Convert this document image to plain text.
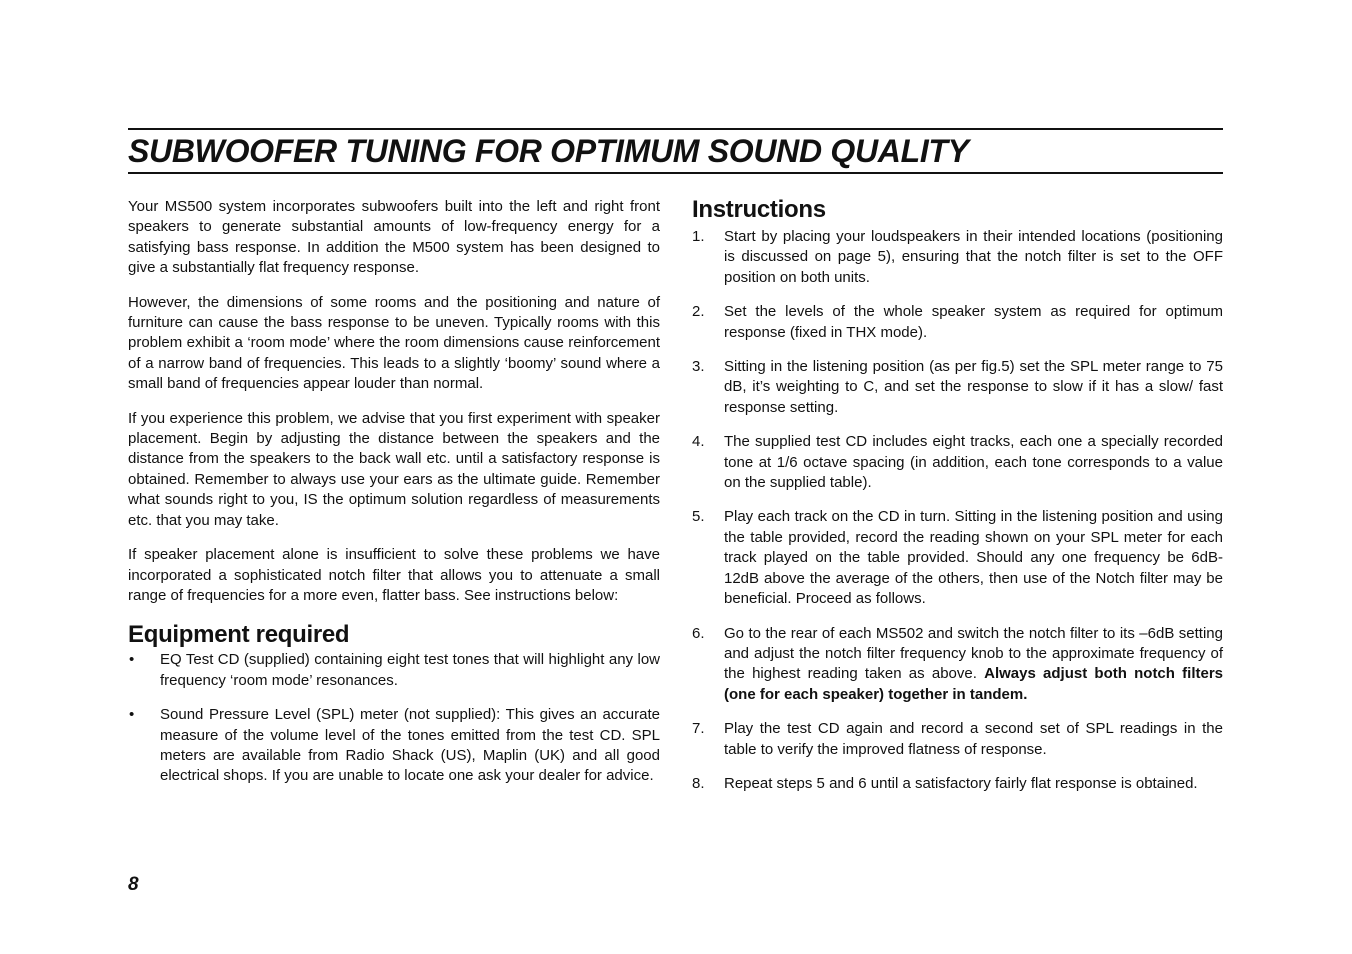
SUBWOOFER TUNING FOR OPTIMUM SOUND QUALITY

Your MS500 system incorporates subwoofers built into the left and right front speakers to generate substantial amounts of low-frequency energy for a satisfying bass response. In addition the M500 system has been designed to give a substantially flat frequency response.

However, the dimensions of some rooms and the positioning and nature of furniture can cause the bass response to be uneven. Typically rooms with this problem exhibit a ‘room mode’ where the room dimensions cause reinforcement of a narrow band of frequencies. This leads to a slightly ‘boomy’ sound where a small band of frequencies appear louder than normal.

If you experience this problem, we advise that you first experiment with speaker placement. Begin by adjusting the distance between the speakers and the distance from the speakers to the back wall etc. until a satisfactory response is obtained. Remember to always use your ears as the ultimate guide. Remember what sounds right to you, IS the optimum solution regardless of measurements etc. that you may take.

If speaker placement alone is insufficient to solve these problems we have incorporated a sophisticated notch filter that allows you to attenuate a small range of frequencies for a more even, flatter bass. See instructions below:

Equipment required
• EQ Test CD (supplied) containing eight test tones that will highlight any low frequency ‘room mode’ resonances.
• Sound Pressure Level (SPL) meter (not supplied): This gives an accurate measure of the volume level of the tones emitted from the test CD. SPL meters are available from Radio Shack (US), Maplin (UK) and all good electrical shops. If you are unable to locate one ask your dealer for advice.
Instructions
1. Start by placing your loudspeakers in their intended locations (positioning is discussed on page 5), ensuring that the notch filter is set to the OFF position on both units.
2. Set the levels of the whole speaker system as required for optimum response (fixed in THX mode).
3. Sitting in the listening position (as per fig.5) set the SPL meter range to 75 dB, it’s weighting to C, and set the response to slow if it has a slow/ fast response setting.
4. The supplied test CD includes eight tracks, each one a specially recorded tone at 1/6 octave spacing (in addition, each tone corresponds to a value on the supplied table).
5. Play each track on the CD in turn. Sitting in the listening position and using the table provided, record the reading shown on your SPL meter for each track played on the table provided. Should any one frequency be 6dB-12dB above the average of the others, then use of the Notch filter may be beneficial. Proceed as follows.
6. Go to the rear of each MS502 and switch the notch filter to its –6dB setting and adjust the notch filter frequency knob to the approximate frequency of the highest reading taken as above. Always adjust both notch filters (one for each speaker) together in tandem.
7. Play the test CD again and record a second set of SPL readings in the table to verify the improved flatness of response.
8. Repeat steps 5 and 6 until a satisfactory fairly flat response is obtained.
8
